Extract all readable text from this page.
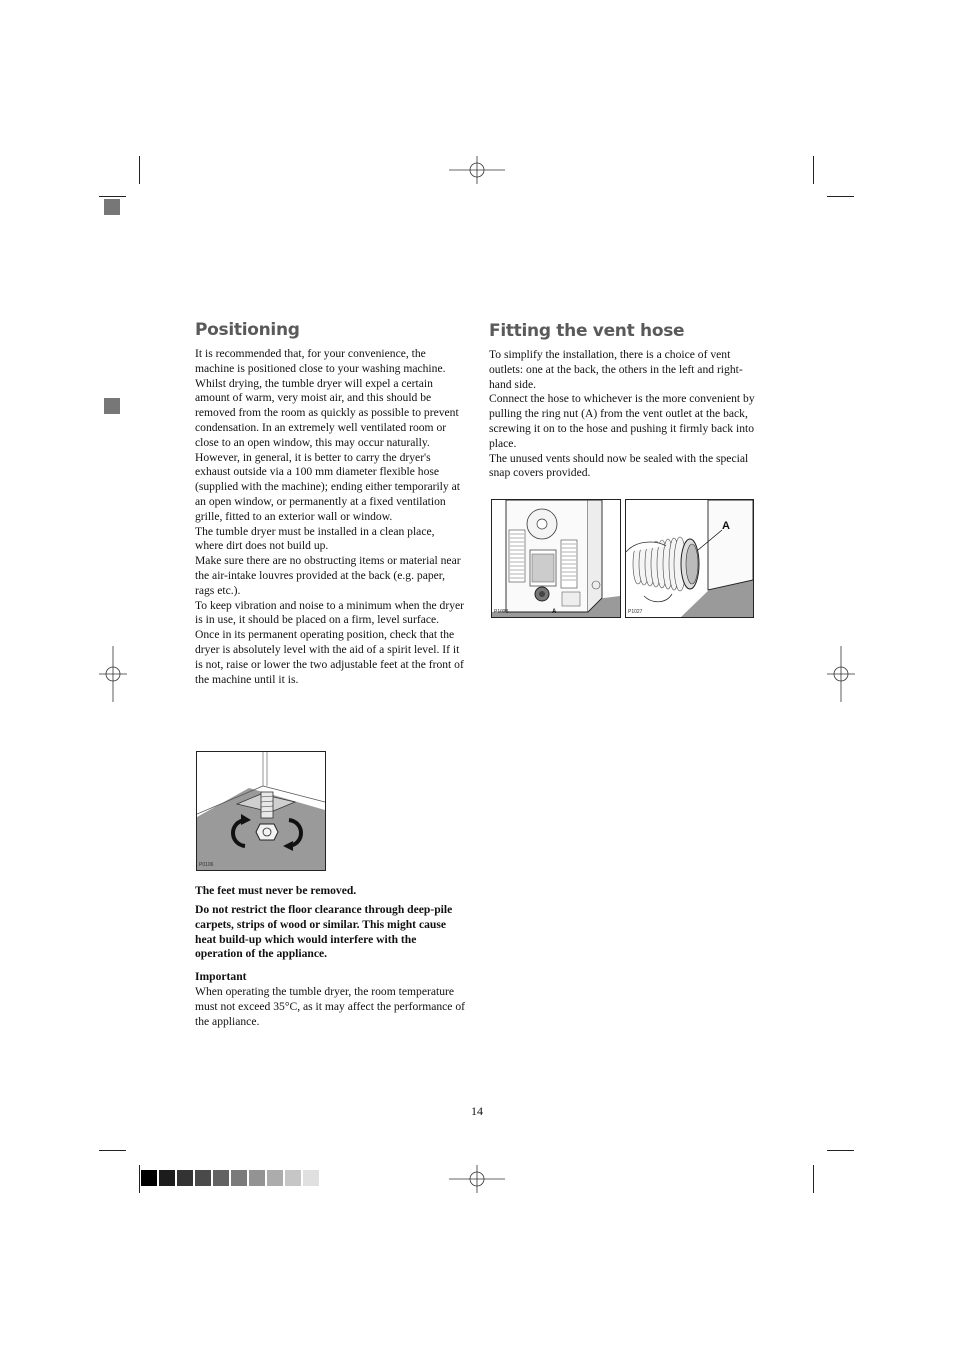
Positioning

It is recommended that, for your convenience, the machine is positioned close to your washing machine.

Whilst drying, the tumble dryer will expel a certain amount of warm, very moist air, and this should be removed from the room as quickly as possible to prevent condensation. In an extremely well ventilated room or close to an open window, this may occur naturally.

However, in general, it is better to carry the dryer's exhaust outside via a 100 mm diameter flexible hose (supplied with the machine); ending either temporarily at an open window, or permanently at a fixed ventilation grille, fitted to an exterior wall or window.

The tumble dryer must be installed in a clean place, where dirt does not build up.

Make sure there are no obstructing items or material near the air-intake louvres provided at the back (e.g. paper, rags etc.).

To keep vibration and noise to a minimum when the dryer is in use, it should be placed on a firm, level surface.

Once in its permanent operating position, check that the dryer is absolutely level with the aid of a spirit level. If it is not, raise or lower the two adjustable feet at the front of the machine until it is.

P0106

The feet must never be removed.

Do not restrict the floor clearance through deep-pile carpets, strips of wood or similar. This might cause heat build-up which would interfere with the operation of the appliance.

Important

When operating the tumble dryer, the room temperature must not exceed 35°C, as it may affect the performance of the appliance.

Fitting the vent hose

To simplify the installation, there is a choice of vent outlets: one at the back, the others in the left and right-hand side.

Connect the hose to whichever is the more convenient by pulling the ring nut (A) from the vent outlet at the back, screwing it on to the hose and pushing it firmly back into place.

The unused vents should now be sealed with the special snap covers provided.

P1028	A	P1027
A
14
